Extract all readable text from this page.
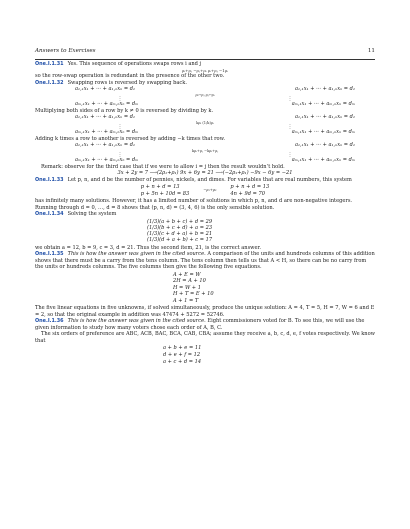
Answers to Exercises	11

One.I.1.31 Yes. This sequence of operations swaps rows i and j

ρᵢ+ρⱼ −ρⱼ+ρᵢ ρᵢ+ρⱼ −1ρᵢ

so the row-swap operation is redundant in the presence of the other two.

One.I.1.32 Swapping rows is reversed by swapping back.

a₁,₁x₁ + ··· + a₁,ₙxₙ = d₁	a₁,₁x₁ + ··· + a₁,ₙxₙ = d₁
ρᵢ↔ρⱼ ρⱼ↔ρᵢ
⋮	⋮
aₘ,₁x₁ + ··· + aₘ,ₙxₙ = dₘ	aₘ,₁x₁ + ··· + aₘ,ₙxₙ = dₘ

Multiplying both sides of a row by k ≠ 0 is reversed by dividing by k.

a₁,₁x₁ + ··· + a₁,ₙxₙ = d₁	a₁,₁x₁ + ··· + a₁,ₙxₙ = d₁
kρᵢ (1/k)ρᵢ
⋮	⋮
aₘ,₁x₁ + ··· + aₘ,ₙxₙ = dₘ	aₘ,₁x₁ + ··· + aₘ,ₙxₙ = dₘ

Adding k times a row to another is reversed by adding −k times that row.

a₁,₁x₁ + ··· + a₁,ₙxₙ = d₁	a₁,₁x₁ + ··· + a₁,ₙxₙ = d₁
kρᵢ+ρⱼ −kρᵢ+ρⱼ
⋮	⋮
aₘ,₁x₁ + ··· + aₘ,ₙxₙ = dₘ	aₘ,₁x₁ + ··· + aₘ,ₙxₙ = dₘ

Remark: observe for the third case that if we were to allow i = j then the result wouldn’t hold.

3x + 2y = 7 ⟶(2ρ₁+ρ₁) 9x + 6y = 21 ⟶(−2ρ₁+ρ₁) −9x − 6y = −21

One.I.1.33 Let p, n, and d be the number of pennies, nickels, and dimes. For variables that are real numbers, this system

p + n + d = 13
p + 5n + 10d = 83
−ρ₁+ρ₂
p + n + d = 13
4n + 9d = 70

has infinitely many solutions. However, it has a limited number of solutions in which p, n, and d are non-negative integers. Running through d = 0, …, d = 8 shows that (p, n, d) = (3, 4, 6) is the only sensible solution.

One.I.1.34 Solving the system

(1/3)(a + b + c) + d = 29
(1/3)(b + c + d) + a = 23
(1/3)(c + d + a) + b = 21
(1/3)(d + a + b) + c = 17

we obtain a = 12, b = 9, c = 3, d = 21. Thus the second item, 21, is the correct answer.

One.I.1.35 This is how the answer was given in the cited source. A comparison of the units and hundreds columns of this addition shows that there must be a carry from the tens column. The tens column then tells us that A < H, so there can be no carry from the units or hundreds columns. The five columns then give the following five equations.

A + E = W
2H = A + 10
H = W + 1
H + T = E + 10
A + 1 = T

The five linear equations in five unknowns, if solved simultaneously, produce the unique solution: A = 4, T = 5, H = 7, W = 6 and E = 2, so that the original example in addition was 47474 + 5272 = 52746.

One.I.1.36 This is how the answer was given in the cited source. Eight commissioners voted for B. To see this, we will use the given information to study how many voters chose each order of A, B, C.

The six orders of preference are ABC, ACB, BAC, BCA, CAB, CBA; assume they receive a, b, c, d, e, f votes respectively. We know that

a + b + e = 11
d + e + f = 12
a + c + d = 14
